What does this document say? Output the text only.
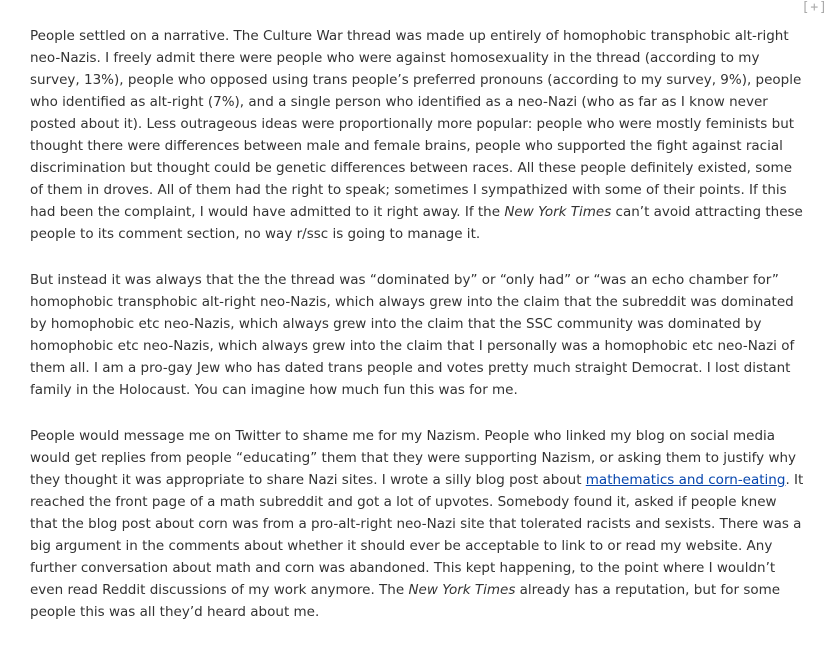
[+]

People settled on a narrative. The Culture War thread was made up entirely of homophobic transphobic alt-right neo-Nazis. I freely admit there were people who were against homosexuality in the thread (according to my survey, 13%), people who opposed using trans people’s preferred pronouns (according to my survey, 9%), people who identified as alt-right (7%), and a single person who identified as a neo-Nazi (who as far as I know never posted about it). Less outrageous ideas were proportionally more popular: people who were mostly feminists but thought there were differences between male and female brains, people who supported the fight against racial discrimination but thought could be genetic differences between races. All these people definitely existed, some of them in droves. All of them had the right to speak; sometimes I sympathized with some of their points. If this had been the complaint, I would have admitted to it right away. If the New York Times can’t avoid attracting these people to its comment section, no way r/ssc is going to manage it.

But instead it was always that the the thread was “dominated by” or “only had” or “was an echo chamber for” homophobic transphobic alt-right neo-Nazis, which always grew into the claim that the subreddit was dominated by homophobic etc neo-Nazis, which always grew into the claim that the SSC community was dominated by homophobic etc neo-Nazis, which always grew into the claim that I personally was a homophobic etc neo-Nazi of them all. I am a pro-gay Jew who has dated trans people and votes pretty much straight Democrat. I lost distant family in the Holocaust. You can imagine how much fun this was for me.

People would message me on Twitter to shame me for my Nazism. People who linked my blog on social media would get replies from people “educating” them that they were supporting Nazism, or asking them to justify why they thought it was appropriate to share Nazi sites. I wrote a silly blog post about mathematics and corn-eating. It reached the front page of a math subreddit and got a lot of upvotes. Somebody found it, asked if people knew that the blog post about corn was from a pro-alt-right neo-Nazi site that tolerated racists and sexists. There was a big argument in the comments about whether it should ever be acceptable to link to or read my website. Any further conversation about math and corn was abandoned. This kept happening, to the point where I wouldn’t even read Reddit discussions of my work anymore. The New York Times already has a reputation, but for some people this was all they’d heard about me.
